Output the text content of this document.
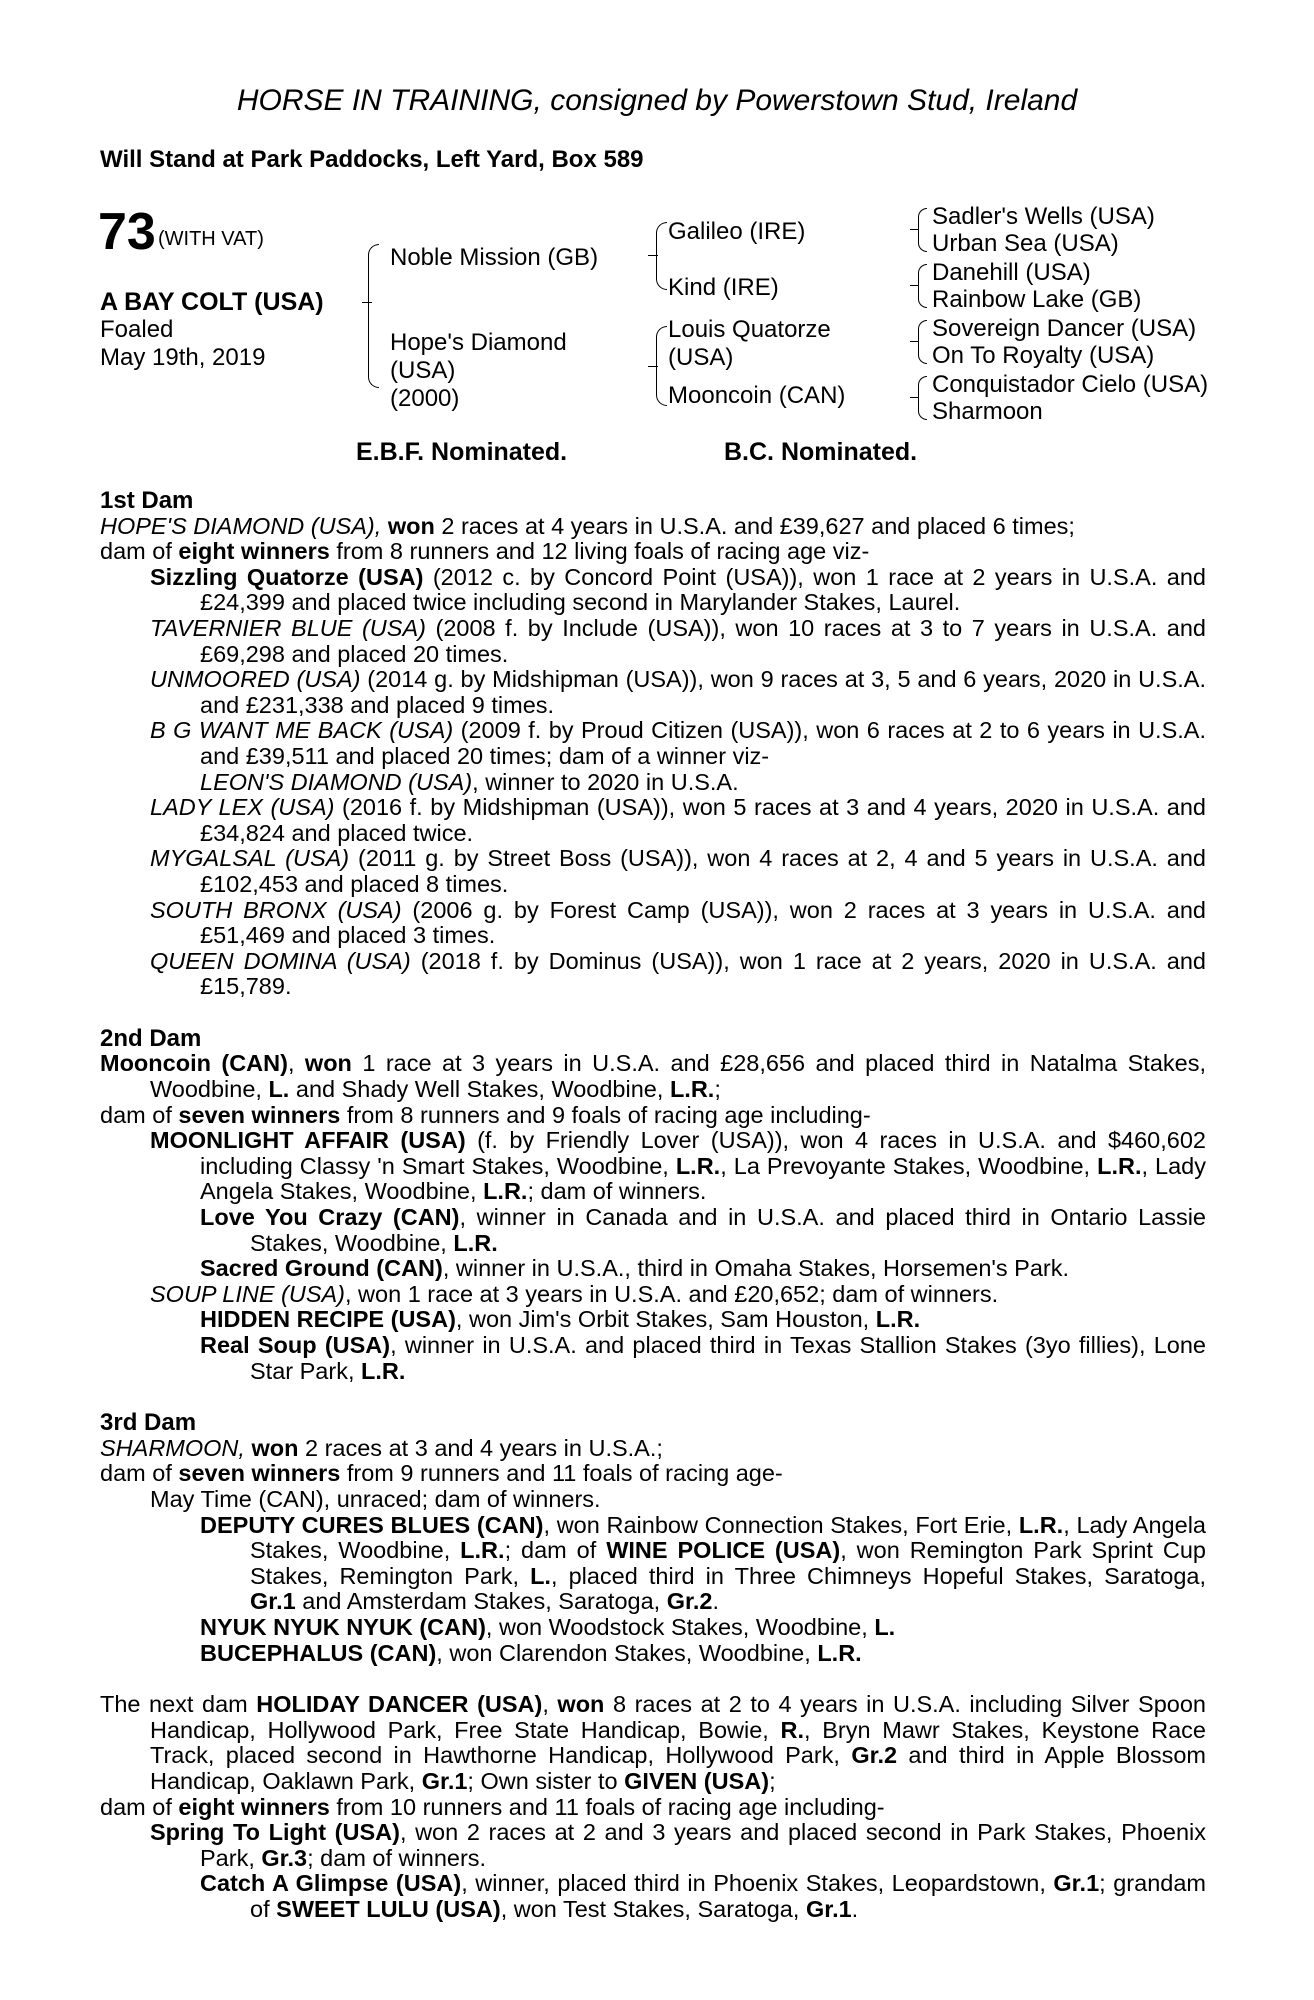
HORSE IN TRAINING, consigned by Powerstown Stud, Ireland
Will Stand at Park Paddocks, Left Yard, Box 589
73 (WITH VAT)
A BAY COLT (USA)
Foaled
May 19th, 2019
Noble Mission (GB)
Hope's Diamond
(USA)
(2000)
Galileo (IRE)
Kind (IRE)
Louis Quatorze
(USA)
Mooncoin (CAN)
Sadler's Wells (USA)
Urban Sea (USA)
Danehill (USA)
Rainbow Lake (GB)
Sovereign Dancer (USA)
On To Royalty (USA)
Conquistador Cielo (USA)
Sharmoon
E.B.F. Nominated.	B.C. Nominated.
1st Dam
HOPE'S DIAMOND (USA), won 2 races at 4 years in U.S.A. and £39,627 and placed 6 times;
dam of eight winners from 8 runners and 12 living foals of racing age viz-
Sizzling Quatorze (USA) (2012 c. by Concord Point (USA)), won 1 race at 2 years in U.S.A. and £24,399 and placed twice including second in Marylander Stakes, Laurel.
TAVERNIER BLUE (USA) (2008 f. by Include (USA)), won 10 races at 3 to 7 years in U.S.A. and £69,298 and placed 20 times.
UNMOORED (USA) (2014 g. by Midshipman (USA)), won 9 races at 3, 5 and 6 years, 2020 in U.S.A. and £231,338 and placed 9 times.
B G WANT ME BACK (USA) (2009 f. by Proud Citizen (USA)), won 6 races at 2 to 6 years in U.S.A. and £39,511 and placed 20 times; dam of a winner viz-
LEON'S DIAMOND (USA), winner to 2020 in U.S.A.
LADY LEX (USA) (2016 f. by Midshipman (USA)), won 5 races at 3 and 4 years, 2020 in U.S.A. and £34,824 and placed twice.
MYGALSAL (USA) (2011 g. by Street Boss (USA)), won 4 races at 2, 4 and 5 years in U.S.A. and £102,453 and placed 8 times.
SOUTH BRONX (USA) (2006 g. by Forest Camp (USA)), won 2 races at 3 years in U.S.A. and £51,469 and placed 3 times.
QUEEN DOMINA (USA) (2018 f. by Dominus (USA)), won 1 race at 2 years, 2020 in U.S.A. and £15,789.
2nd Dam
Mooncoin (CAN), won 1 race at 3 years in U.S.A. and £28,656 and placed third in Natalma Stakes, Woodbine, L. and Shady Well Stakes, Woodbine, L.R.;
dam of seven winners from 8 runners and 9 foals of racing age including-
MOONLIGHT AFFAIR (USA) (f. by Friendly Lover (USA)), won 4 races in U.S.A. and $460,602 including Classy 'n Smart Stakes, Woodbine, L.R., La Prevoyante Stakes, Woodbine, L.R., Lady Angela Stakes, Woodbine, L.R.; dam of winners.
Love You Crazy (CAN), winner in Canada and in U.S.A. and placed third in Ontario Lassie Stakes, Woodbine, L.R.
Sacred Ground (CAN), winner in U.S.A., third in Omaha Stakes, Horsemen's Park.
SOUP LINE (USA), won 1 race at 3 years in U.S.A. and £20,652; dam of winners.
HIDDEN RECIPE (USA), won Jim's Orbit Stakes, Sam Houston, L.R.
Real Soup (USA), winner in U.S.A. and placed third in Texas Stallion Stakes (3yo fillies), Lone Star Park, L.R.
3rd Dam
SHARMOON, won 2 races at 3 and 4 years in U.S.A.;
dam of seven winners from 9 runners and 11 foals of racing age-
May Time (CAN), unraced; dam of winners.
DEPUTY CURES BLUES (CAN), won Rainbow Connection Stakes, Fort Erie, L.R., Lady Angela Stakes, Woodbine, L.R.; dam of WINE POLICE (USA), won Remington Park Sprint Cup Stakes, Remington Park, L., placed third in Three Chimneys Hopeful Stakes, Saratoga, Gr.1 and Amsterdam Stakes, Saratoga, Gr.2.
NYUK NYUK NYUK (CAN), won Woodstock Stakes, Woodbine, L.
BUCEPHALUS (CAN), won Clarendon Stakes, Woodbine, L.R.
The next dam HOLIDAY DANCER (USA), won 8 races at 2 to 4 years in U.S.A. including Silver Spoon Handicap, Hollywood Park, Free State Handicap, Bowie, R., Bryn Mawr Stakes, Keystone Race Track, placed second in Hawthorne Handicap, Hollywood Park, Gr.2 and third in Apple Blossom Handicap, Oaklawn Park, Gr.1; Own sister to GIVEN (USA);
dam of eight winners from 10 runners and 11 foals of racing age including-
Spring To Light (USA), won 2 races at 2 and 3 years and placed second in Park Stakes, Phoenix Park, Gr.3; dam of winners.
Catch A Glimpse (USA), winner, placed third in Phoenix Stakes, Leopardstown, Gr.1; grandam of SWEET LULU (USA), won Test Stakes, Saratoga, Gr.1.
